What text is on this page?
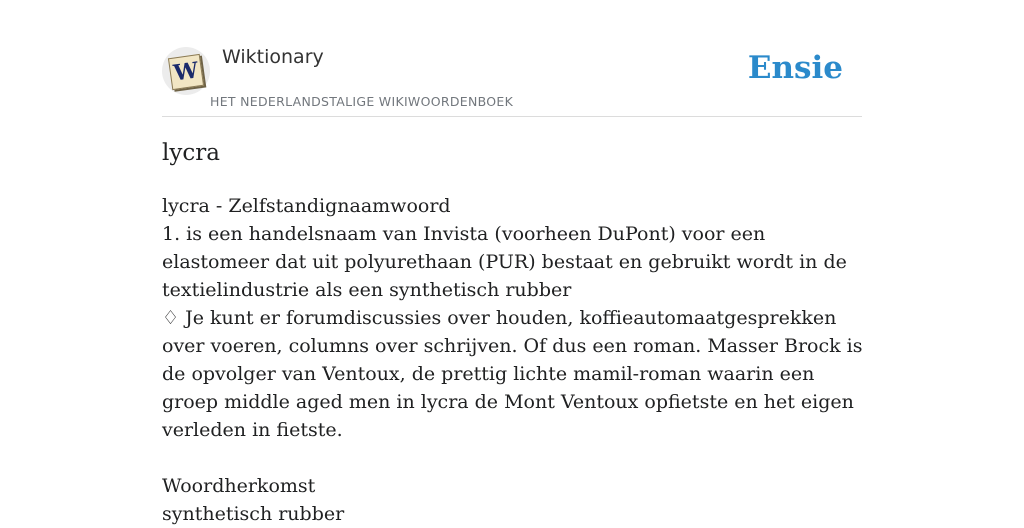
W
Wiktionary
HET NEDERLANDSTALIGE WIKIWOORDENBOEK
Ensie
lycra

lycra - Zelfstandignaamwoord

1. is een handelsnaam van Invista (voorheen DuPont) voor een elastomeer dat uit polyurethaan (PUR) bestaat en gebruikt wordt in de textielindustrie als een synthetisch rubber

♢ Je kunt er forumdiscussies over houden, koffieautomaatgesprekken over voeren, columns over schrijven. Of dus een roman. Masser Brock is de opvolger van Ventoux, de prettig lichte mamil-roman waarin een groep middle aged men in lycra de Mont Ventoux opfietste en het eigen verleden in fietste.

Woordherkomst

synthetisch rubber
